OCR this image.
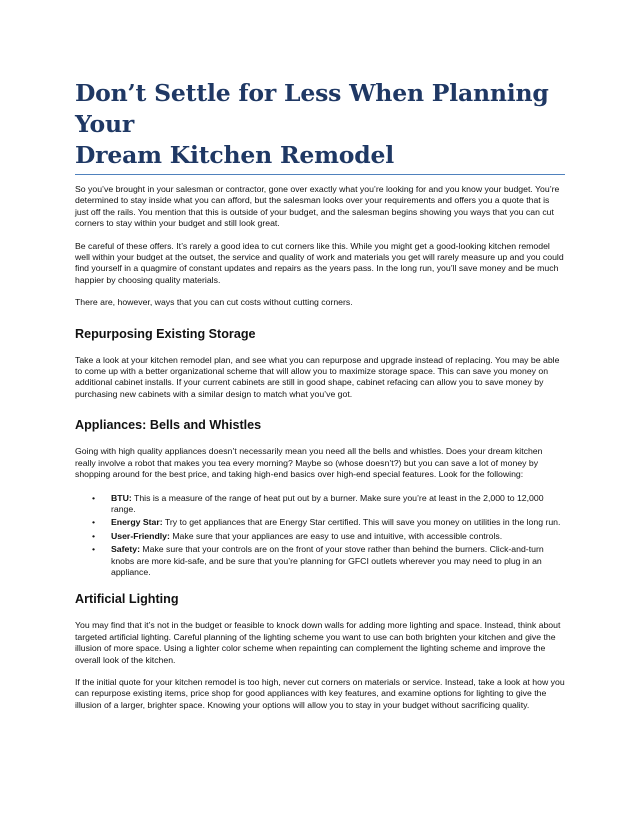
Don’t Settle for Less When Planning Your
Dream Kitchen Remodel

So you’ve brought in your salesman or contractor, gone over exactly what you’re looking for and you know your budget. You’re determined to stay inside what you can afford, but the salesman looks over your requirements and offers you a quote that is just off the rails. You mention that this is outside of your budget, and the salesman begins showing you ways that you can cut corners to stay within your budget and still look great.

Be careful of these offers. It’s rarely a good idea to cut corners like this. While you might get a good-looking kitchen remodel well within your budget at the outset, the service and quality of work and materials you get will rarely measure up and you could find yourself in a quagmire of constant updates and repairs as the years pass. In the long run, you’ll save money and be much happier by choosing quality materials.

There are, however, ways that you can cut costs without cutting corners.

Repurposing Existing Storage

Take a look at your kitchen remodel plan, and see what you can repurpose and upgrade instead of replacing. You may be able to come up with a better organizational scheme that will allow you to maximize storage space. This can save you money on additional cabinet installs. If your current cabinets are still in good shape, cabinet refacing can allow you to save money by purchasing new cabinets with a similar design to match what you’ve got.

Appliances: Bells and Whistles

Going with high quality appliances doesn’t necessarily mean you need all the bells and whistles. Does your dream kitchen really involve a robot that makes you tea every morning? Maybe so (whose doesn’t?) but you can save a lot of money by shopping around for the best price, and taking high-end basics over high-end special features. Look for the following:

• BTU: This is a measure of the range of heat put out by a burner. Make sure you’re at least in the 2,000 to 12,000 range.
• Energy Star: Try to get appliances that are Energy Star certified. This will save you money on utilities in the long run.
• User-Friendly: Make sure that your appliances are easy to use and intuitive, with accessible controls.
• Safety: Make sure that your controls are on the front of your stove rather than behind the burners. Click-and-turn knobs are more kid-safe, and be sure that you’re planning for GFCI outlets wherever you may need to plug in an appliance.
Artificial Lighting

You may find that it’s not in the budget or feasible to knock down walls for adding more lighting and space. Instead, think about targeted artificial lighting. Careful planning of the lighting scheme you want to use can both brighten your kitchen and give the illusion of more space. Using a lighter color scheme when repainting can complement the lighting scheme and improve the overall look of the kitchen.

If the initial quote for your kitchen remodel is too high, never cut corners on materials or service. Instead, take a look at how you can repurpose existing items, price shop for good appliances with key features, and examine options for lighting to give the illusion of a larger, brighter space. Knowing your options will allow you to stay in your budget without sacrificing quality.
